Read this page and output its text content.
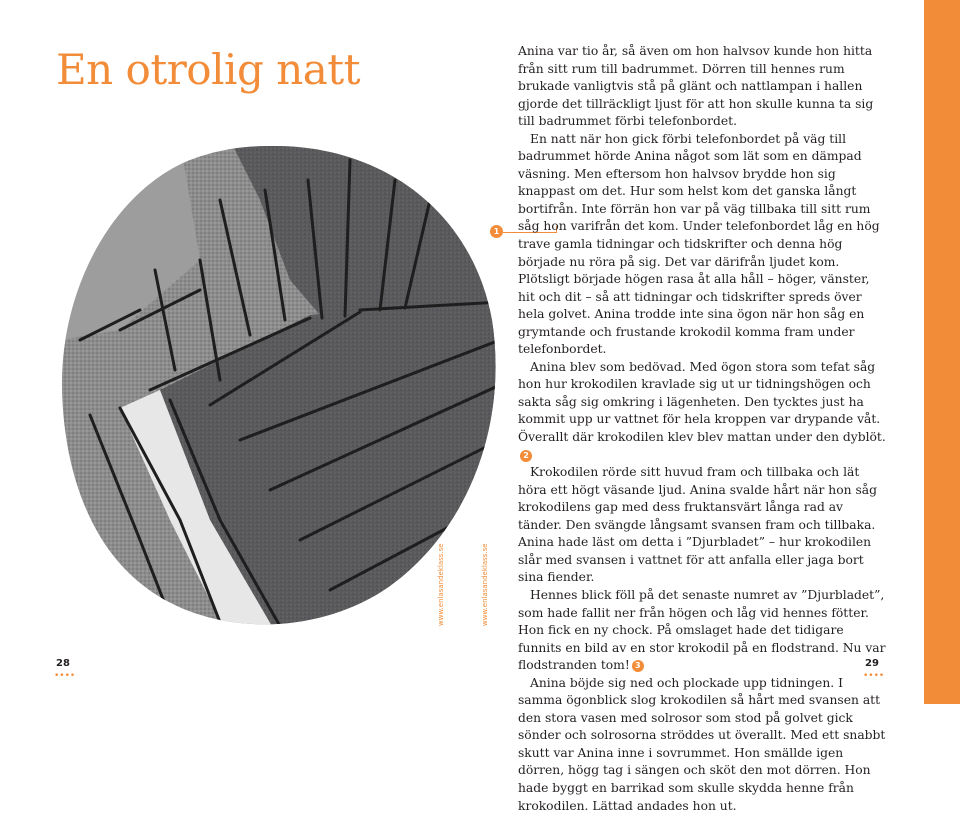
En otrolig natt
www.enlasandeklass.se	www.enlasandeklass.se
1

Anina var tio år, så även om hon halvsov kunde hon hitta från sitt rum till badrummet. Dörren till hennes rum brukade vanligtvis stå på glänt och nattlampan i hallen gjorde det tillräckligt ljust för att hon skulle kunna ta sig till badrummet förbi telefonbordet.

En natt när hon gick förbi telefonbordet på väg till badrummet hörde Anina något som lät som en dämpad väsning. Men eftersom hon halvsov brydde hon sig knappast om det. Hur som helst kom det ganska långt bortifrån. Inte förrän hon var på väg tillbaka till sitt rum såg hon varifrån det kom. Under telefonbordet låg en hög trave gamla tidningar och tidskrifter och denna hög började nu röra på sig. Det var därifrån ljudet kom. Plötsligt började högen rasa åt alla håll – höger, vänster, hit och dit – så att tidningar och tidskrifter spreds över hela golvet. Anina trodde inte sina ögon när hon såg en grymtande och frustande krokodil komma fram under telefonbordet.

Anina blev som bedövad. Med ögon stora som tefat såg hon hur krokodilen kravlade sig ut ur tidningshögen och sakta såg sig omkring i lägenheten. Den tycktes just ha kommit upp ur vattnet för hela kroppen var drypande våt. Överallt där krokodilen klev blev mattan under den dyblöt.2

Krokodilen rörde sitt huvud fram och tillbaka och lät höra ett högt väsande ljud. Anina svalde hårt när hon såg krokodilens gap med dess fruktansvärt långa rad av tänder. Den svängde långsamt svansen fram och tillbaka. Anina hade läst om detta i ”Djurbladet” – hur krokodilen slår med svansen i vattnet för att anfalla eller jaga bort sina fiender.

Hennes blick föll på det senaste numret av ”Djurbladet”, som hade fallit ner från högen och låg vid hennes fötter. Hon fick en ny chock. På omslaget hade det tidigare funnits en bild av en stor krokodil på en flodstrand. Nu var flodstranden tom! 3

Anina böjde sig ned och plockade upp tidningen. I samma ögonblick slog krokodilen så hårt med svansen att den stora vasen med solrosor som stod på golvet gick sönder och solrosorna ströddes ut överallt. Med ett snabbt skutt var Anina inne i sovrummet. Hon smällde igen dörren, högg tag i sängen och sköt den mot dörren. Hon hade byggt en barrikad som skulle skydda henne från krokodilen. Lättad andades hon ut.

28
••••
29
••••
